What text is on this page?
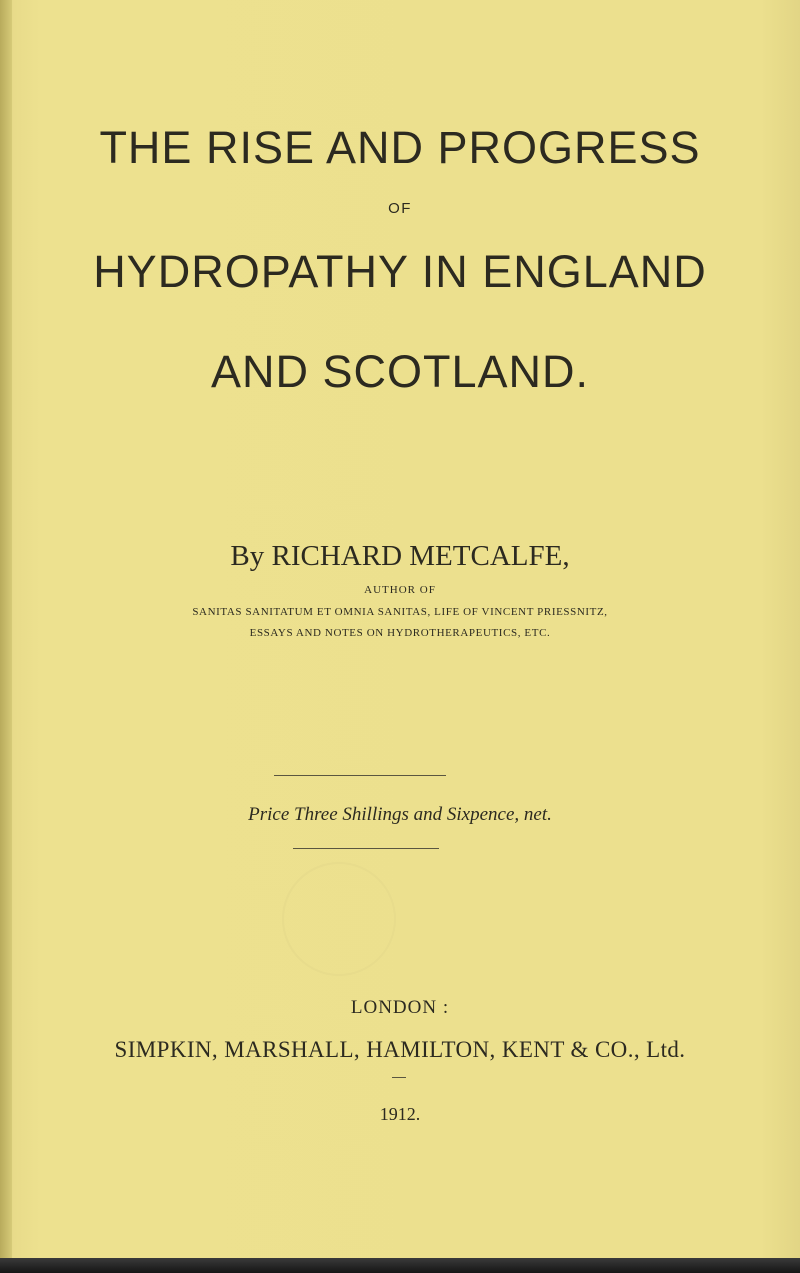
THE RISE AND PROGRESS
OF
HYDROPATHY IN ENGLAND
AND SCOTLAND.
By RICHARD METCALFE,
AUTHOR OF
SANITAS SANITATUM ET OMNIA SANITAS, LIFE OF VINCENT PRIESSNITZ,
ESSAYS AND NOTES ON HYDROTHERAPEUTICS, ETC.
Price Three Shillings and Sixpence, net.
LONDON :
SIMPKIN, MARSHALL, HAMILTON, KENT & CO., Ltd.
1912.
